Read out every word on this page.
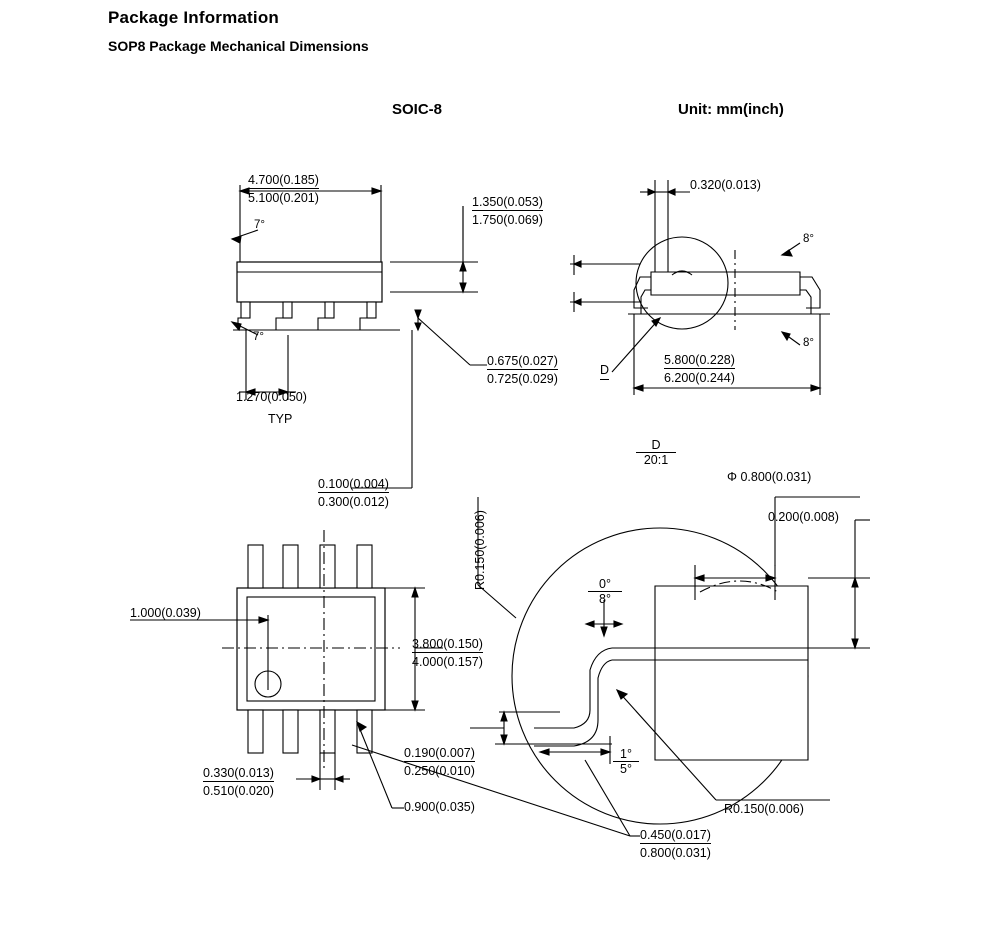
Package Information
SOP8 Package Mechanical Dimensions
SOIC-8	Unit: mm(inch)
4.700(0.185)
5.100(0.201)	1.350(0.053)
1.750(0.069)
0.675(0.027)
0.725(0.029)
1.270(0.050)
TYP
0.100(0.004)
0.300(0.012)
7°
7°
0.320(0.013)
8°
8°
5.800(0.228)
6.200(0.244)
D
$\frac{D}{20:1}$
1.000(0.039)
3.800(0.150)
4.000(0.157)
0.330(0.013)
0.510(0.020)
0.900(0.035)
R0.150(0.006)
Φ 0.800(0.031)
0.200(0.008)
$\frac{0^\circ}{8^\circ}$
0.190(0.007)
0.250(0.010)	$\frac{1^\circ}{5^\circ}$
R0.150(0.006)
0.450(0.017)
0.800(0.031)
